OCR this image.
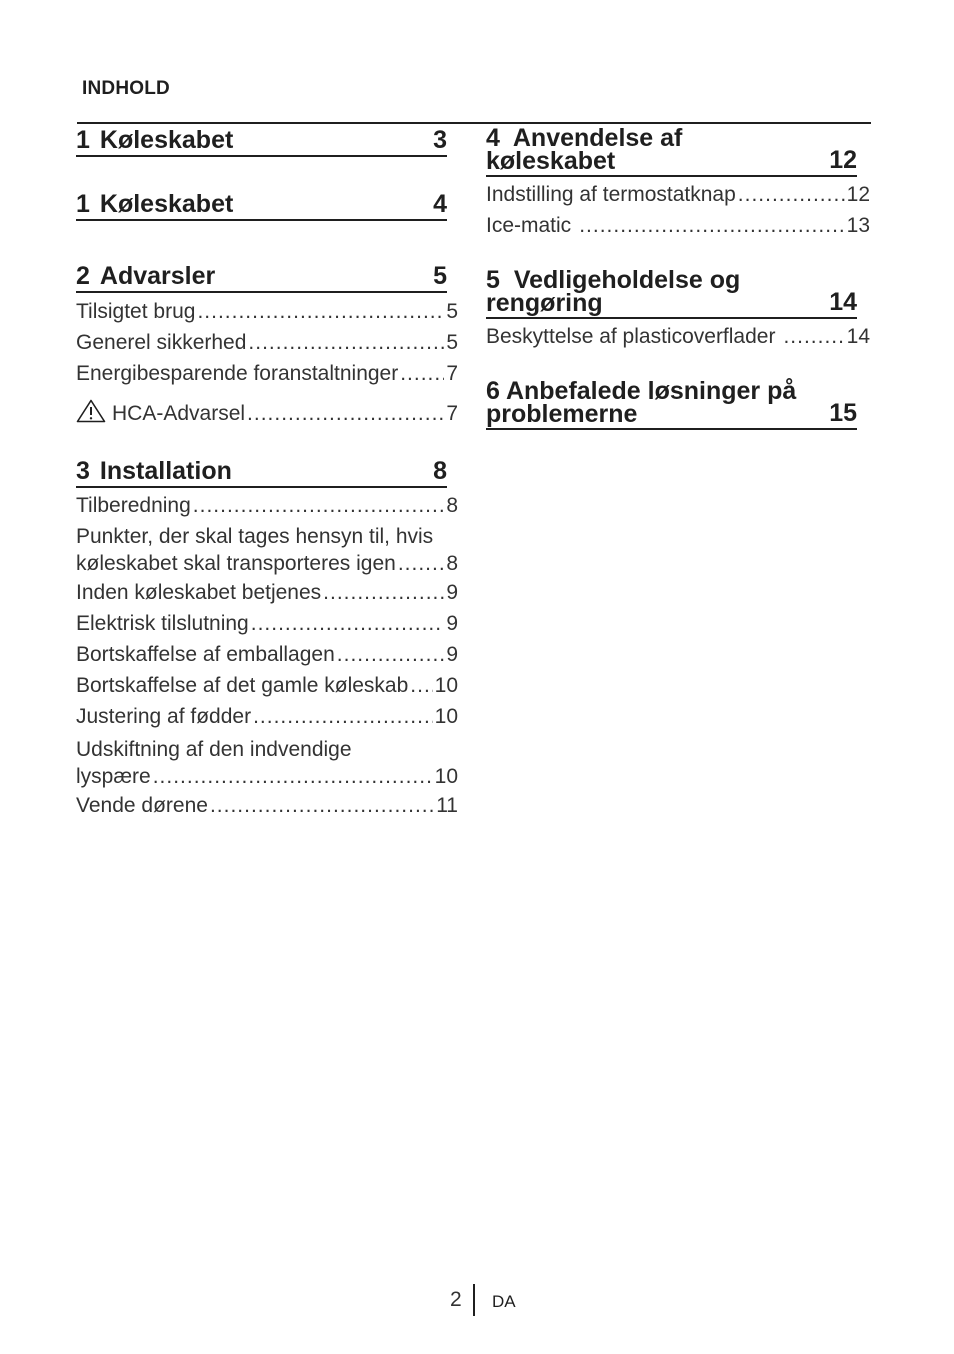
INDHOLD
1 Køleskabet	3
1 Køleskabet	4
2 Advarsler	5
Tilsigtet brug .....	5
Generel sikkerhed .....	5
Energibesparende foranstaltninger ..... 7
HCA-Advarsel .....	7
3 Installation	8
Tilberedning .....	8
Punkter, der skal tages hensyn til, hvis
køleskabet skal transporteres igen ..... 8
Inden køleskabet betjenes .....	9
Elektrisk tilslutning .....	9
Bortskaffelse af emballagen .....	9
Bortskaffelse af det gamle køleskab ..... 10
Justering af fødder .....	10
Udskiftning af den indvendige
lyspære .....	10
Vende dørene .....	11
4 Anvendelse af
køleskabet	12
Indstilling af termostatknap .....	12
Ice-matic .....	13
5 Vedligeholdelse og
rengøring	14
Beskyttelse af plasticoverflader .....	14
6 Anbefalede løsninger på
problemerne	15
2 DA
